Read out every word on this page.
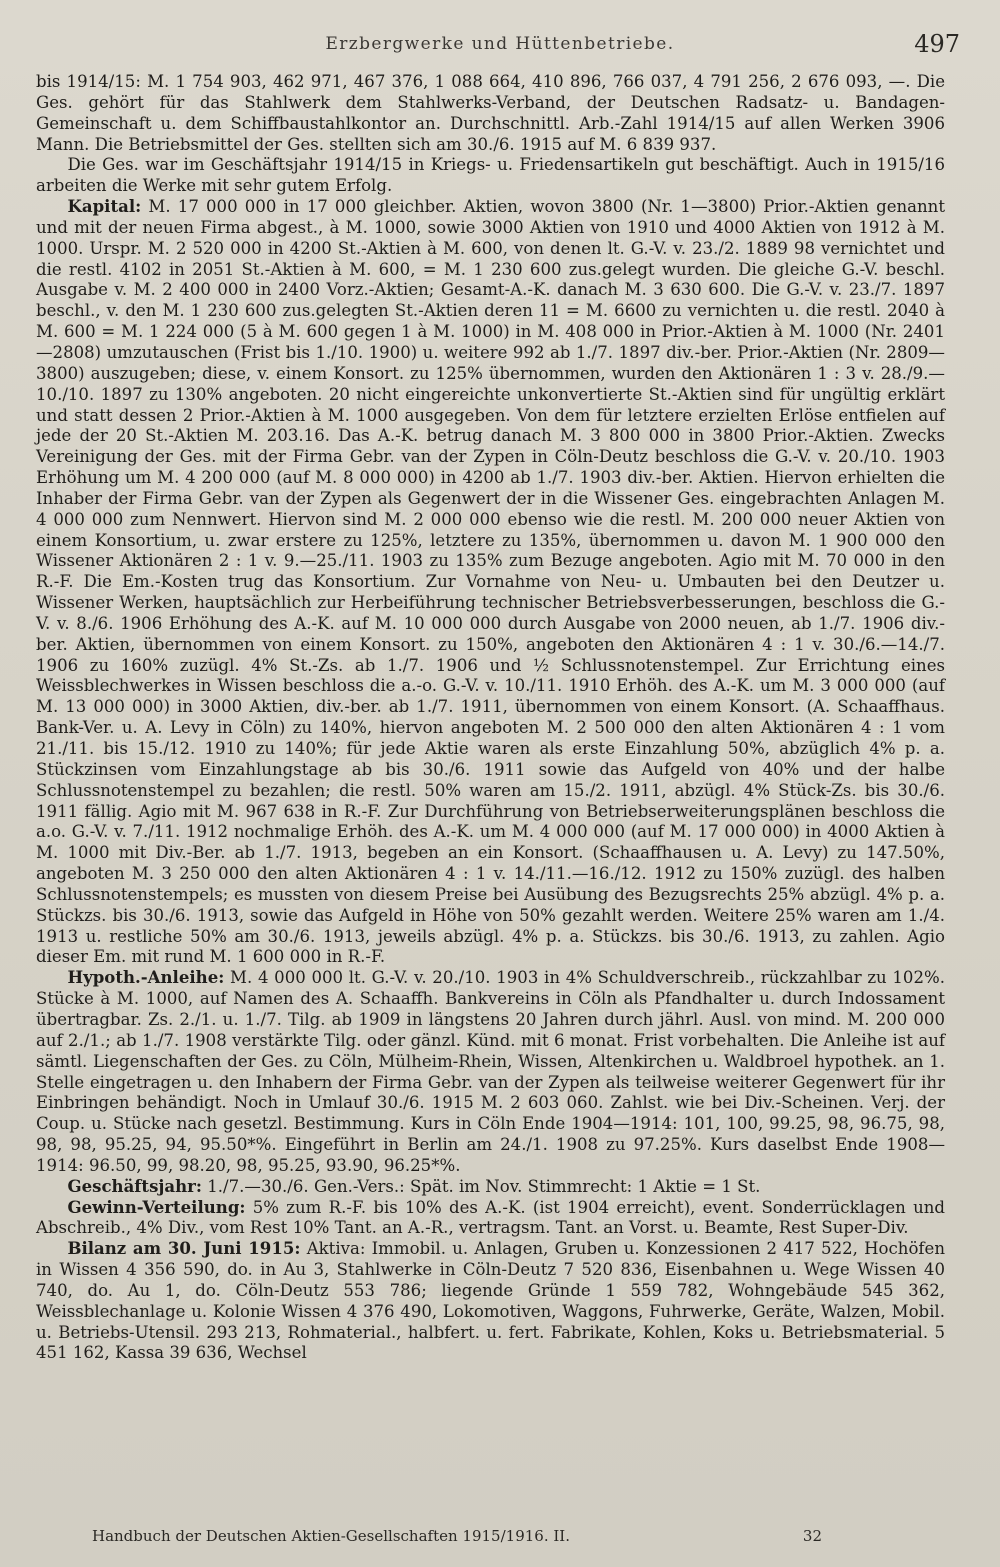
Erzbergwerke und Hüttenbetriebe.	497

bis 1914/15: M. 1 754 903, 462 971, 467 376, 1 088 664, 410 896, 766 037, 4 791 256, 2 676 093, —. Die Ges. gehört für das Stahlwerk dem Stahlwerks-Verband, der Deutschen Radsatz- u. Bandagen-Gemeinschaft u. dem Schiffbaustahlkontor an. Durchschnittl. Arb.-Zahl 1914/15 auf allen Werken 3906 Mann. Die Betriebsmittel der Ges. stellten sich am 30./6. 1915 auf M. 6 839 937.

Die Ges. war im Geschäftsjahr 1914/15 in Kriegs- u. Friedensartikeln gut beschäftigt. Auch in 1915/16 arbeiten die Werke mit sehr gutem Erfolg.

Kapital: M. 17 000 000 in 17 000 gleichber. Aktien, wovon 3800 (Nr. 1—3800) Prior.-Aktien genannt und mit der neuen Firma abgest., à M. 1000, sowie 3000 Aktien von 1910 und 4000 Aktien von 1912 à M. 1000. Urspr. M. 2 520 000 in 4200 St.-Aktien à M. 600, von denen lt. G.-V. v. 23./2. 1889 98 vernichtet und die restl. 4102 in 2051 St.-Aktien à M. 600, = M. 1 230 600 zus.gelegt wurden. Die gleiche G.-V. beschl. Ausgabe v. M. 2 400 000 in 2400 Vorz.-Aktien; Gesamt-A.-K. danach M. 3 630 600. Die G.-V. v. 23./7. 1897 beschl., v. den M. 1 230 600 zus.gelegten St.-Aktien deren 11 = M. 6600 zu vernichten u. die restl. 2040 à M. 600 = M. 1 224 000 (5 à M. 600 gegen 1 à M. 1000) in M. 408 000 in Prior.-Aktien à M. 1000 (Nr. 2401—2808) umzutauschen (Frist bis 1./10. 1900) u. weitere 992 ab 1./7. 1897 div.-ber. Prior.-Aktien (Nr. 2809—3800) auszugeben; diese, v. einem Konsort. zu 125% übernommen, wurden den Aktionären 1 : 3 v. 28./9.—10./10. 1897 zu 130% angeboten. 20 nicht eingereichte unkonvertierte St.-Aktien sind für ungültig erklärt und statt dessen 2 Prior.-Aktien à M. 1000 ausgegeben. Von dem für letztere erzielten Erlöse entfielen auf jede der 20 St.-Aktien M. 203.16. Das A.-K. betrug danach M. 3 800 000 in 3800 Prior.-Aktien. Zwecks Vereinigung der Ges. mit der Firma Gebr. van der Zypen in Cöln-Deutz beschloss die G.-V. v. 20./10. 1903 Erhöhung um M. 4 200 000 (auf M. 8 000 000) in 4200 ab 1./7. 1903 div.-ber. Aktien. Hiervon erhielten die Inhaber der Firma Gebr. van der Zypen als Gegenwert der in die Wissener Ges. eingebrachten Anlagen M. 4 000 000 zum Nennwert. Hiervon sind M. 2 000 000 ebenso wie die restl. M. 200 000 neuer Aktien von einem Konsortium, u. zwar erstere zu 125%, letztere zu 135%, übernommen u. davon M. 1 900 000 den Wissener Aktionären 2 : 1 v. 9.—25./11. 1903 zu 135% zum Bezuge angeboten. Agio mit M. 70 000 in den R.-F. Die Em.-Kosten trug das Konsortium. Zur Vornahme von Neu- u. Umbauten bei den Deutzer u. Wissener Werken, hauptsächlich zur Herbeiführung technischer Betriebsverbesserungen, beschloss die G.-V. v. 8./6. 1906 Erhöhung des A.-K. auf M. 10 000 000 durch Ausgabe von 2000 neuen, ab 1./7. 1906 div.-ber. Aktien, übernommen von einem Konsort. zu 150%, angeboten den Aktionären 4 : 1 v. 30./6.—14./7. 1906 zu 160% zuzügl. 4% St.-Zs. ab 1./7. 1906 und ½ Schlussnotenstempel. Zur Errichtung eines Weissblechwerkes in Wissen beschloss die a.-o. G.-V. v. 10./11. 1910 Erhöh. des A.-K. um M. 3 000 000 (auf M. 13 000 000) in 3000 Aktien, div.-ber. ab 1./7. 1911, übernommen von einem Konsort. (A. Schaaffhaus. Bank-Ver. u. A. Levy in Cöln) zu 140%, hiervon angeboten M. 2 500 000 den alten Aktionären 4 : 1 vom 21./11. bis 15./12. 1910 zu 140%; für jede Aktie waren als erste Einzahlung 50%, abzüglich 4% p. a. Stückzinsen vom Einzahlungstage ab bis 30./6. 1911 sowie das Aufgeld von 40% und der halbe Schlussnotenstempel zu bezahlen; die restl. 50% waren am 15./2. 1911, abzügl. 4% Stück-Zs. bis 30./6. 1911 fällig. Agio mit M. 967 638 in R.-F. Zur Durchführung von Betriebserweiterungsplänen beschloss die a.o. G.-V. v. 7./11. 1912 nochmalige Erhöh. des A.-K. um M. 4 000 000 (auf M. 17 000 000) in 4000 Aktien à M. 1000 mit Div.-Ber. ab 1./7. 1913, begeben an ein Konsort. (Schaaffhausen u. A. Levy) zu 147.50%, angeboten M. 3 250 000 den alten Aktionären 4 : 1 v. 14./11.—16./12. 1912 zu 150% zuzügl. des halben Schlussnotenstempels; es mussten von diesem Preise bei Ausübung des Bezugsrechts 25% abzügl. 4% p. a. Stückzs. bis 30./6. 1913, sowie das Aufgeld in Höhe von 50% gezahlt werden. Weitere 25% waren am 1./4. 1913 u. restliche 50% am 30./6. 1913, jeweils abzügl. 4% p. a. Stückzs. bis 30./6. 1913, zu zahlen. Agio dieser Em. mit rund M. 1 600 000 in R.-F.

Hypoth.-Anleihe: M. 4 000 000 lt. G.-V. v. 20./10. 1903 in 4% Schuldverschreib., rückzahlbar zu 102%. Stücke à M. 1000, auf Namen des A. Schaaffh. Bankvereins in Cöln als Pfandhalter u. durch Indossament übertragbar. Zs. 2./1. u. 1./7. Tilg. ab 1909 in längstens 20 Jahren durch jährl. Ausl. von mind. M. 200 000 auf 2./1.; ab 1./7. 1908 verstärkte Tilg. oder gänzl. Künd. mit 6 monat. Frist vorbehalten. Die Anleihe ist auf sämtl. Liegenschaften der Ges. zu Cöln, Mülheim-Rhein, Wissen, Altenkirchen u. Waldbroel hypothek. an 1. Stelle eingetragen u. den Inhabern der Firma Gebr. van der Zypen als teilweise weiterer Gegenwert für ihr Einbringen behändigt. Noch in Umlauf 30./6. 1915 M. 2 603 060. Zahlst. wie bei Div.-Scheinen. Verj. der Coup. u. Stücke nach gesetzl. Bestimmung. Kurs in Cöln Ende 1904—1914: 101, 100, 99.25, 98, 96.75, 98, 98, 98, 95.25, 94, 95.50*%. Eingeführt in Berlin am 24./1. 1908 zu 97.25%. Kurs daselbst Ende 1908—1914: 96.50, 99, 98.20, 98, 95.25, 93.90, 96.25*%.

Geschäftsjahr: 1./7.—30./6. Gen.-Vers.: Spät. im Nov. Stimmrecht: 1 Aktie = 1 St.

Gewinn-Verteilung: 5% zum R.-F. bis 10% des A.-K. (ist 1904 erreicht), event. Sonderrücklagen und Abschreib., 4% Div., vom Rest 10% Tant. an A.-R., vertragsm. Tant. an Vorst. u. Beamte, Rest Super-Div.

Bilanz am 30. Juni 1915: Aktiva: Immobil. u. Anlagen, Gruben u. Konzessionen 2 417 522, Hochöfen in Wissen 4 356 590, do. in Au 3, Stahlwerke in Cöln-Deutz 7 520 836, Eisenbahnen u. Wege Wissen 40 740, do. Au 1, do. Cöln-Deutz 553 786; liegende Gründe 1 559 782, Wohngebäude 545 362, Weissblechanlage u. Kolonie Wissen 4 376 490, Lokomotiven, Waggons, Fuhrwerke, Geräte, Walzen, Mobil. u. Betriebs-Utensil. 293 213, Rohmaterial., halbfert. u. fert. Fabrikate, Kohlen, Koks u. Betriebsmaterial. 5 451 162, Kassa 39 636, Wechsel

Handbuch der Deutschen Aktien-Gesellschaften 1915/1916. II.	32
